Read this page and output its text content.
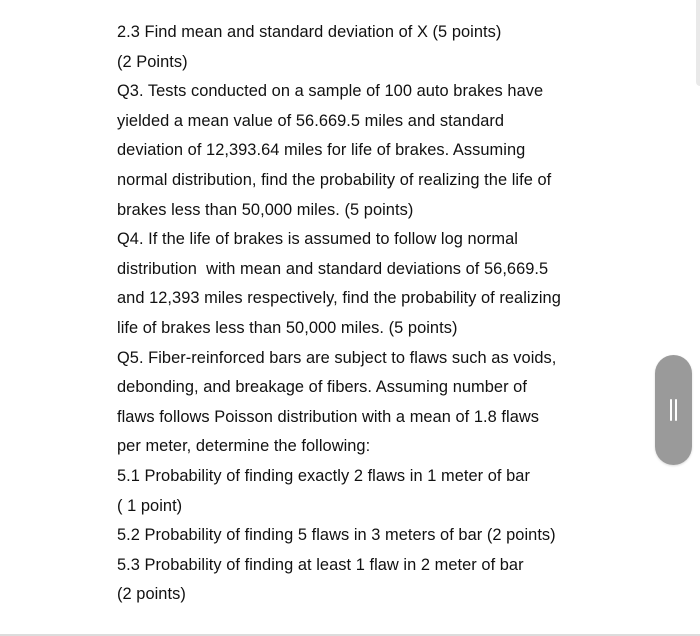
2.3 Find mean and standard deviation of X (5 points)
(2 Points)
Q3. Tests conducted on a sample of 100 auto brakes have
yielded a mean value of 56.669.5 miles and standard
deviation of 12,393.64 miles for life of brakes. Assuming
normal distribution, find the probability of realizing the life of
brakes less than 50,000 miles. (5 points)
Q4. If the life of brakes is assumed to follow log normal
distribution  with mean and standard deviations of 56,669.5
and 12,393 miles respectively, find the probability of realizing
life of brakes less than 50,000 miles. (5 points)
Q5. Fiber-reinforced bars are subject to flaws such as voids,
debonding, and breakage of fibers. Assuming number of
flaws follows Poisson distribution with a mean of 1.8 flaws
per meter, determine the following:
5.1 Probability of finding exactly 2 flaws in 1 meter of bar
( 1 point)
5.2 Probability of finding 5 flaws in 3 meters of bar (2 points)
5.3 Probability of finding at least 1 flaw in 2 meter of bar
(2 points)
